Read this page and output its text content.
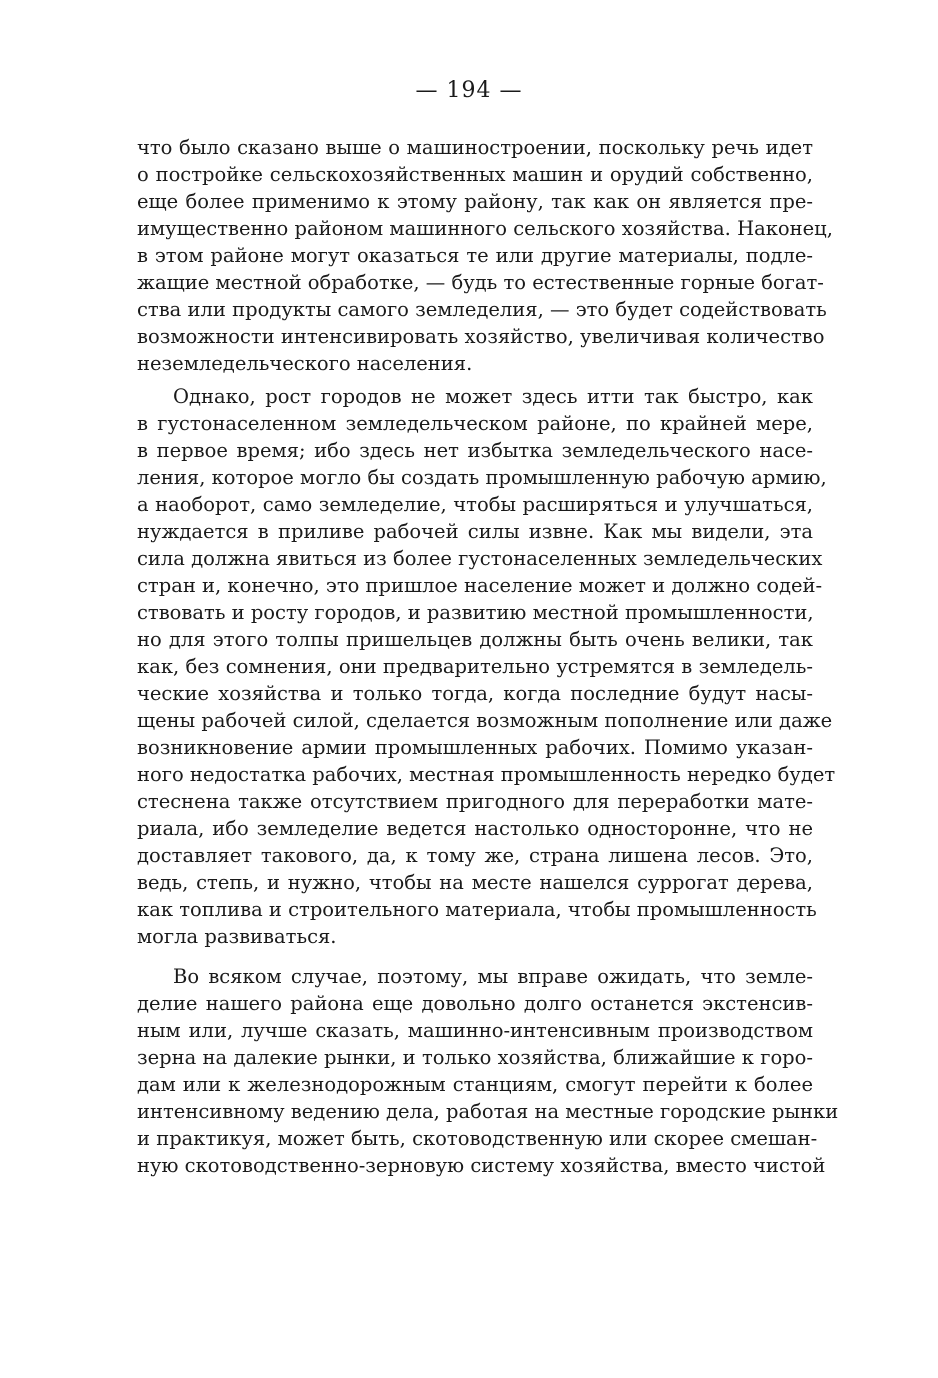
— 194 —
что было сказано выше о машиностроении, поскольку речь идет
о постройке сельскохозяйственных машин и орудий собственно,
еще более применимо к этому району, так как он является пре-
имущественно районом машинного сельского хозяйства. Наконец,
в этом районе могут оказаться те или другие материалы, подле-
жащие местной обработке, — будь то естественные горные богат-
ства или продукты самого земледелия, — это будет содействовать
возможности интенсивировать хозяйство, увеличивая количество
неземледельческого населения.
Однако, рост городов не может здесь итти так быстро, как
в густонаселенном земледельческом районе, по крайней мере,
в первое время; ибо здесь нет избытка земледельческого насе-
ления, которое могло бы создать промышленную рабочую армию,
а наоборот, само земледелие, чтобы расширяться и улучшаться,
нуждается в приливе рабочей силы извне. Как мы видели, эта
сила должна явиться из более густонаселенных земледельческих
стран и, конечно, это пришлое население может и должно содей-
ствовать и росту городов, и развитию местной промышленности,
но для этого толпы пришельцев должны быть очень велики, так
как, без сомнения, они предварительно устремятся в земледель-
ческие хозяйства и только тогда, когда последние будут насы-
щены рабочей силой, сделается возможным пополнение или даже
возникновение армии промышленных рабочих. Помимо указан-
ного недостатка рабочих, местная промышленность нередко будет
стеснена также отсутствием пригодного для переработки мате-
риала, ибо земледелие ведется настолько односторонне, что не
доставляет такового, да, к тому же, страна лишена лесов. Это,
ведь, степь, и нужно, чтобы на месте нашелся суррогат дерева,
как топлива и строительного материала, чтобы промышленность
могла развиваться.
Во всяком случае, поэтому, мы вправе ожидать, что земле-
делие нашего района еще довольно долго останется экстенсив-
ным или, лучше сказать, машинно-интенсивным производством
зерна на далекие рынки, и только хозяйства, ближайшие к горо-
дам или к железнодорожным станциям, смогут перейти к более
интенсивному ведению дела, работая на местные городские рынки
и практикуя, может быть, скотоводственную или скорее смешан-
ную скотоводственно-зерновую систему хозяйства, вместо чистой
